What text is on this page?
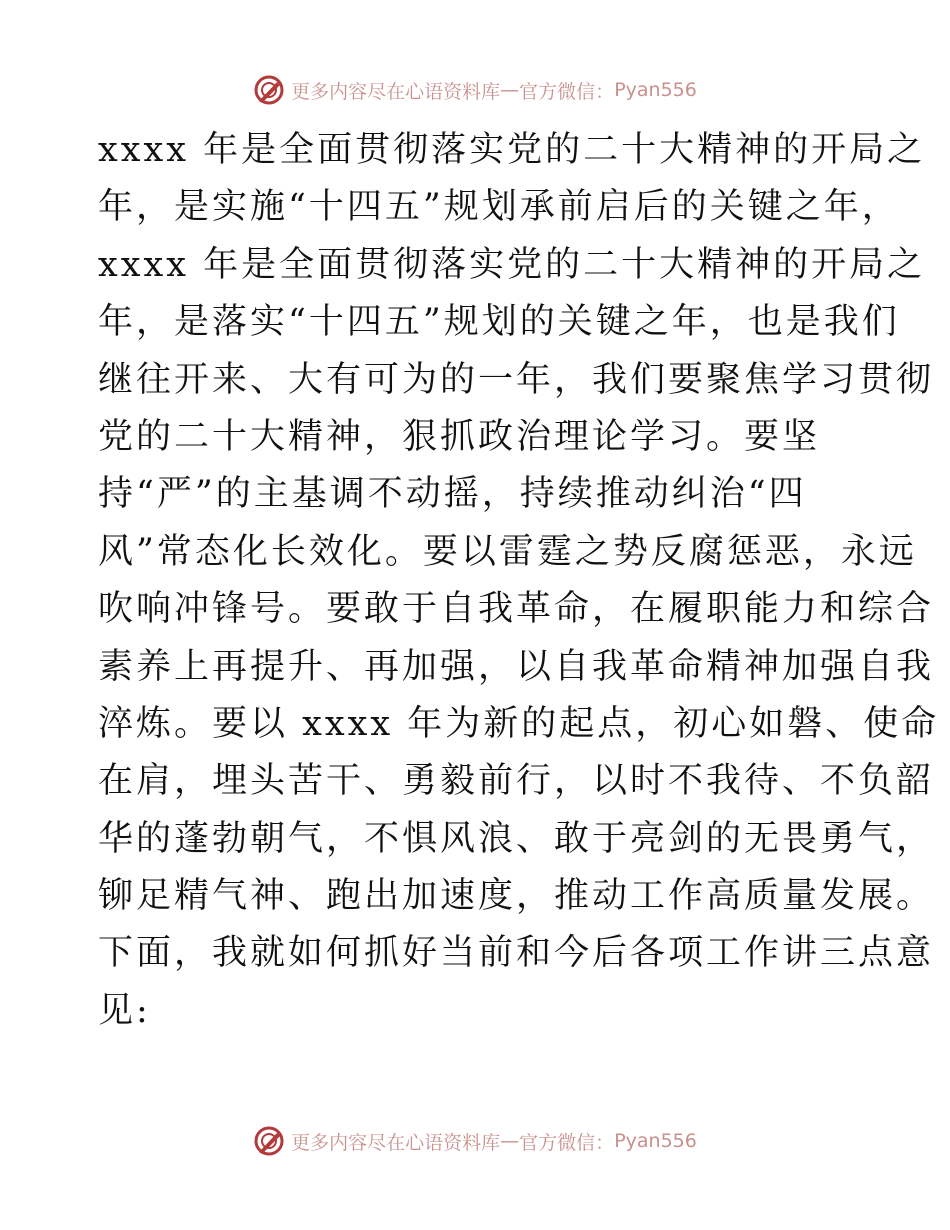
更多内容尽在心语资料库 — 官方微信： Pyan556
xxxx 年是全面贯彻落实党的二十大精神的开局之
年，是实施“十四五”规划承前启后的关键之年，
xxxx 年是全面贯彻落实党的二十大精神的开局之
年，是落实“十四五”规划的关键之年，也是我们
继往开来、大有可为的一年，我们要聚焦学习贯彻
党的二十大精神，狠抓政治理论学习。要坚
持“严”的主基调不动摇，持续推动纠治“四
风”常态化长效化。要以雷霆之势反腐惩恶，永远
吹响冲锋号。要敢于自我革命，在履职能力和综合
素养上再提升、再加强，以自我革命精神加强自我
淬炼。要以 xxxx 年为新的起点，初心如磐、使命
在肩，埋头苦干、勇毅前行，以时不我待、不负韶
华的蓬勃朝气，不惧风浪、敢于亮剑的无畏勇气，
铆足精气神、跑出加速度，推动工作高质量发展。
下面，我就如何抓好当前和今后各项工作讲三点意
见:
更多内容尽在心语资料库 — 官方微信： Pyan556
